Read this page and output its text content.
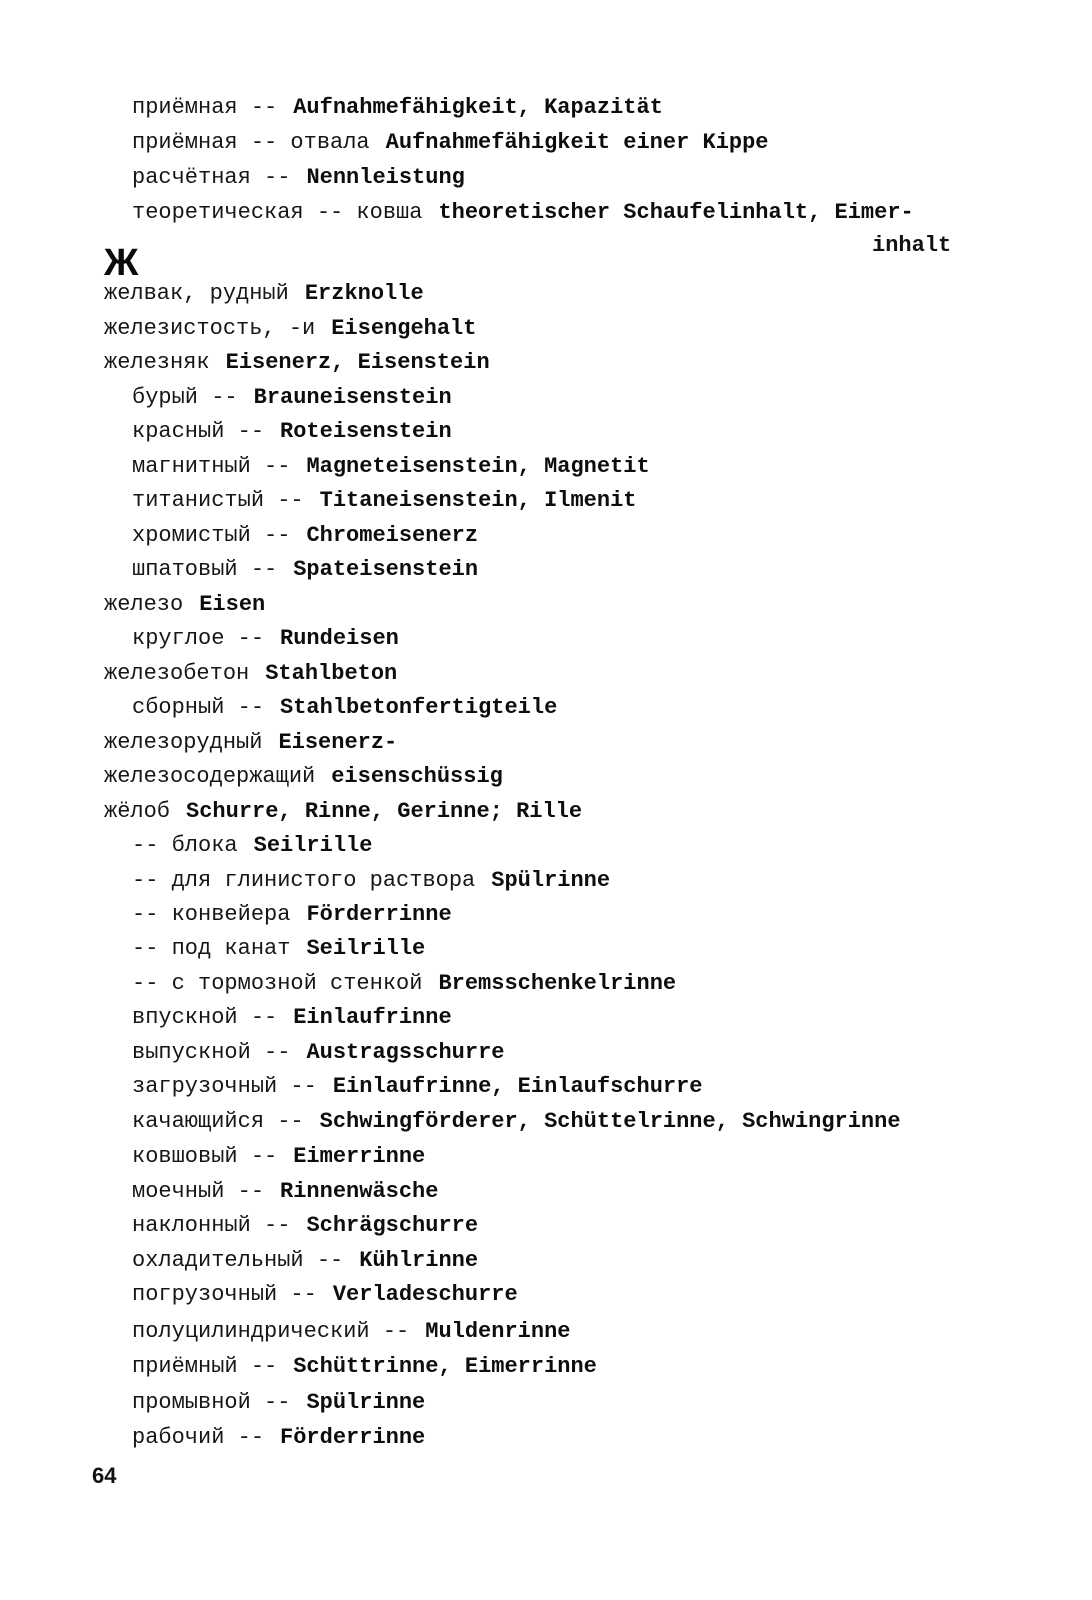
приёмная -- Aufnahmefähigkeit, Kapazität
приёмная -- отвала Aufnahmefähigkeit einer Kippe
расчётная -- Nennleistung
теоретическая -- ковша theoretischer Schaufelinhalt, Eimer-
желвак, рудный Erzknolle
железистость, -и Eisengehalt
железняк Eisenerz, Eisenstein
бурый -- Brauneisenstein
красный -- Roteisenstein
магнитный -- Magneteisenstein, Magnetit
титанистый -- Titaneisenstein, Ilmenit
хромистый -- Chromeisenerz
шпатовый -- Spateisenstein
железо Eisen
круглое -- Rundeisen
железобетон Stahlbeton
сборный -- Stahlbetonfertigteile
железорудный Eisenerz-
железосодержащий eisenschüssig
жёлоб Schurre, Rinne, Gerinne; Rille
-- блока Seilrille
-- для глинистого раствора Spülrinne
-- конвейера Förderrinne
-- под канат Seilrille
-- с тормозной стенкой Bremsschenkelrinne
впускной -- Einlaufrinne
выпускной -- Austragsschurre
загрузочный -- Einlaufrinne, Einlaufschurre
качающийся -- Schwingförderer, Schüttelrinne, Schwingrinne
ковшовый -- Eimerrinne
моечный -- Rinnenwäsche
наклонный -- Schrägschurre
охладительный -- Kühlrinne
погрузочный -- Verladeschurre
полуцилиндрический -- Muldenrinne
приёмный -- Schüttrinne, Eimerrinne
промывной -- Spülrinne
рабочий -- Förderrinne
Ж	inhalt
64
